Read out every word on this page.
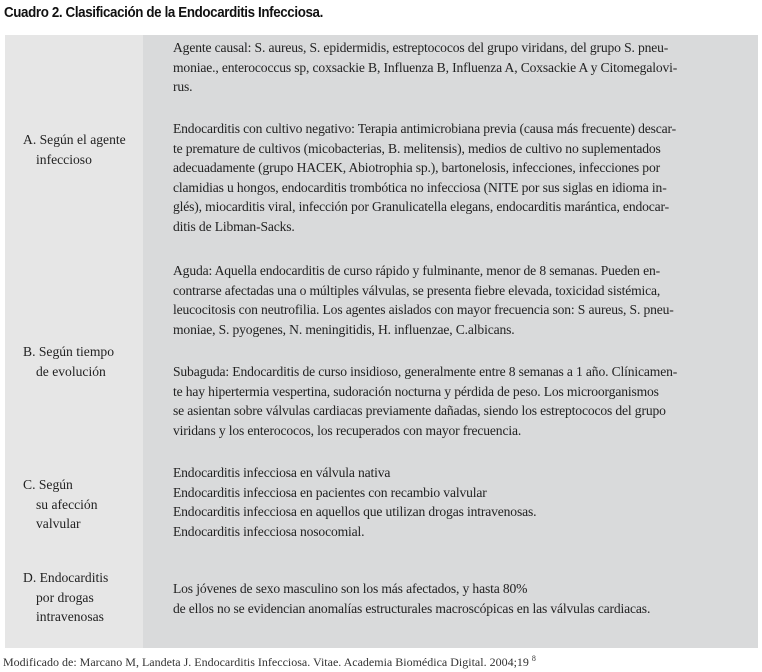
Cuadro 2. Clasificación de la Endocarditis Infecciosa.
A. Según el agente
infeccioso
Agente causal: S. aureus, S. epidermidis, estreptococos del grupo viridans, del grupo S. pneu-
moniae., enterococcus sp, coxsackie B, Influenza B, Influenza A, Coxsackie A y Citomegalovi-
rus.
Endocarditis con cultivo negativo: Terapia antimicrobiana previa (causa más frecuente) descar-
te premature de cultivos (micobacterias, B. melitensis), medios de cultivo no suplementados
adecuadamente (grupo HACEK, Abiotrophia sp.), bartonelosis, infecciones, infecciones por
clamidias u hongos, endocarditis trombótica no infecciosa (NITE por sus siglas en idioma in-
glés), miocarditis viral, infección por Granulicatella elegans, endocarditis marántica, endocar-
ditis de Libman-Sacks.
B. Según tiempo
de evolución
Aguda: Aquella endocarditis de curso rápido y fulminante, menor de 8 semanas. Pueden en-
contrarse afectadas una o múltiples válvulas, se presenta fiebre elevada, toxicidad sistémica,
leucocitosis con neutrofilia. Los agentes aislados con mayor frecuencia son: S aureus, S. pneu-
moniae, S. pyogenes, N. meningitidis, H. influenzae, C.albicans.
Subaguda: Endocarditis de curso insidioso, generalmente entre 8 semanas a 1 año. Clínicamen-
te hay hipertermia vespertina, sudoración nocturna y pérdida de peso. Los microorganismos
se asientan sobre válvulas cardiacas previamente dañadas, siendo los estreptococos del grupo
viridans y los enterococos, los recuperados con mayor frecuencia.
C. Según
su afección
valvular
Endocarditis infecciosa en válvula nativa
Endocarditis infecciosa en pacientes con recambio valvular
Endocarditis infecciosa en aquellos que utilizan drogas intravenosas.
Endocarditis infecciosa nosocomial.
D. Endocarditis
por drogas
intravenosas
Los jóvenes de sexo masculino son los más afectados, y hasta 80%
de ellos no se evidencian anomalías estructurales macroscópicas en las válvulas cardiacas.
Modificado de: Marcano M, Landeta J. Endocarditis Infecciosa. Vitae. Academia Biomédica Digital. 2004;19 $^8$
